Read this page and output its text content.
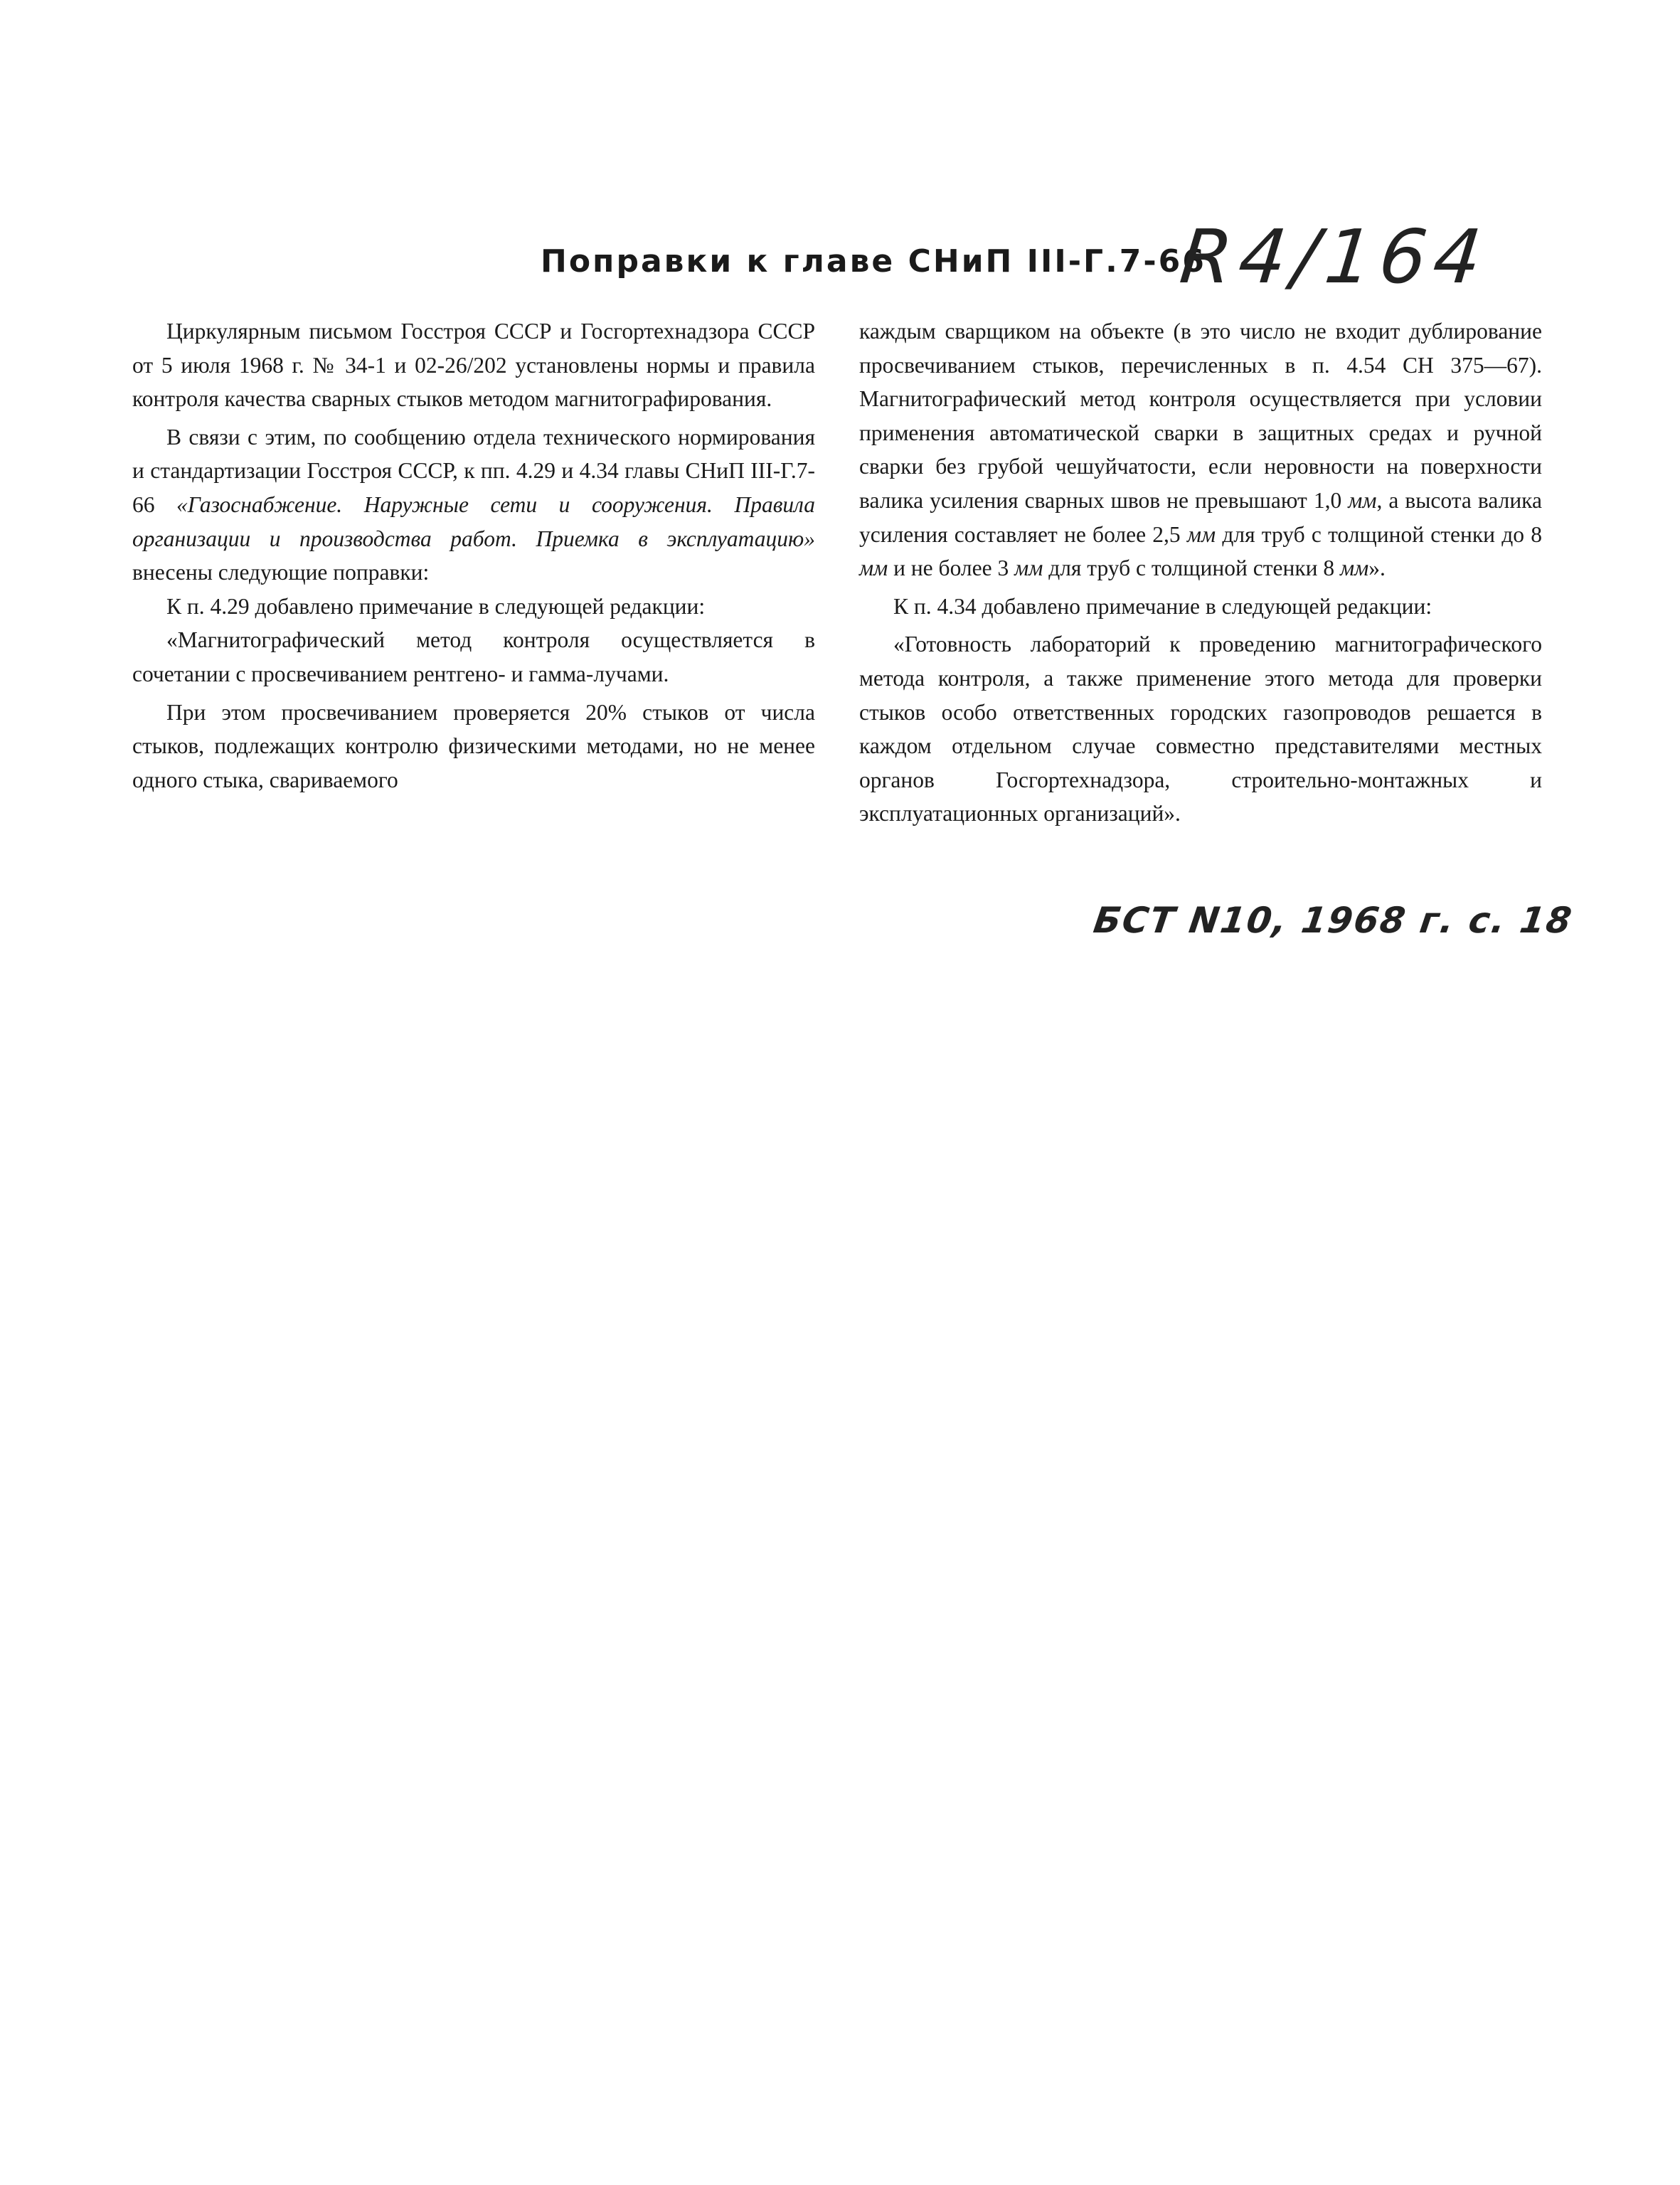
Поправки к главе СНиП III-Г.7-66
R4/164

Циркулярным письмом Госстроя СССР и Госгортехнадзора СССР от 5 июля 1968 г. № 34-1 и 02-26/202 установлены нормы и правила контроля качества сварных стыков методом магнитографирования.

В связи с этим, по сообщению отдела технического нормирования и стандартизации Госстроя СССР, к пп. 4.29 и 4.34 главы СНиП III-Г.7-66 «Газоснабжение. Наружные сети и сооружения. Правила организации и производства работ. Приемка в эксплуатацию» внесены следующие поправки:

К п. 4.29 добавлено примечание в следующей редакции:

«Магнитографический метод контроля осуществляется в сочетании с просвечиванием рентгено- и гамма-лучами.

При этом просвечиванием проверяется 20% стыков от числа стыков, подлежащих контролю физическими методами, но не менее одного стыка, свариваемого

каждым сварщиком на объекте (в это число не входит дублирование просвечиванием стыков, перечисленных в п. 4.54 СН 375—67). Магнитографический метод контроля осуществляется при условии применения автоматической сварки в защитных средах и ручной сварки без грубой чешуйчатости, если неровности на поверхности валика усиления сварных швов не превышают 1,0 мм, а высота валика усиления составляет не более 2,5 мм для труб с толщиной стенки до 8 мм и не более 3 мм для труб с толщиной стенки 8 мм».

К п. 4.34 добавлено примечание в следующей редакции:

«Готовность лабораторий к проведению магнитографического метода контроля, а также применение этого метода для проверки стыков особо ответственных городских газопроводов решается в каждом отдельном случае совместно представителями местных органов Госгортехнадзора, строительно-монтажных и эксплуатационных организаций».

БСТ N10, 1968 г. с. 18
